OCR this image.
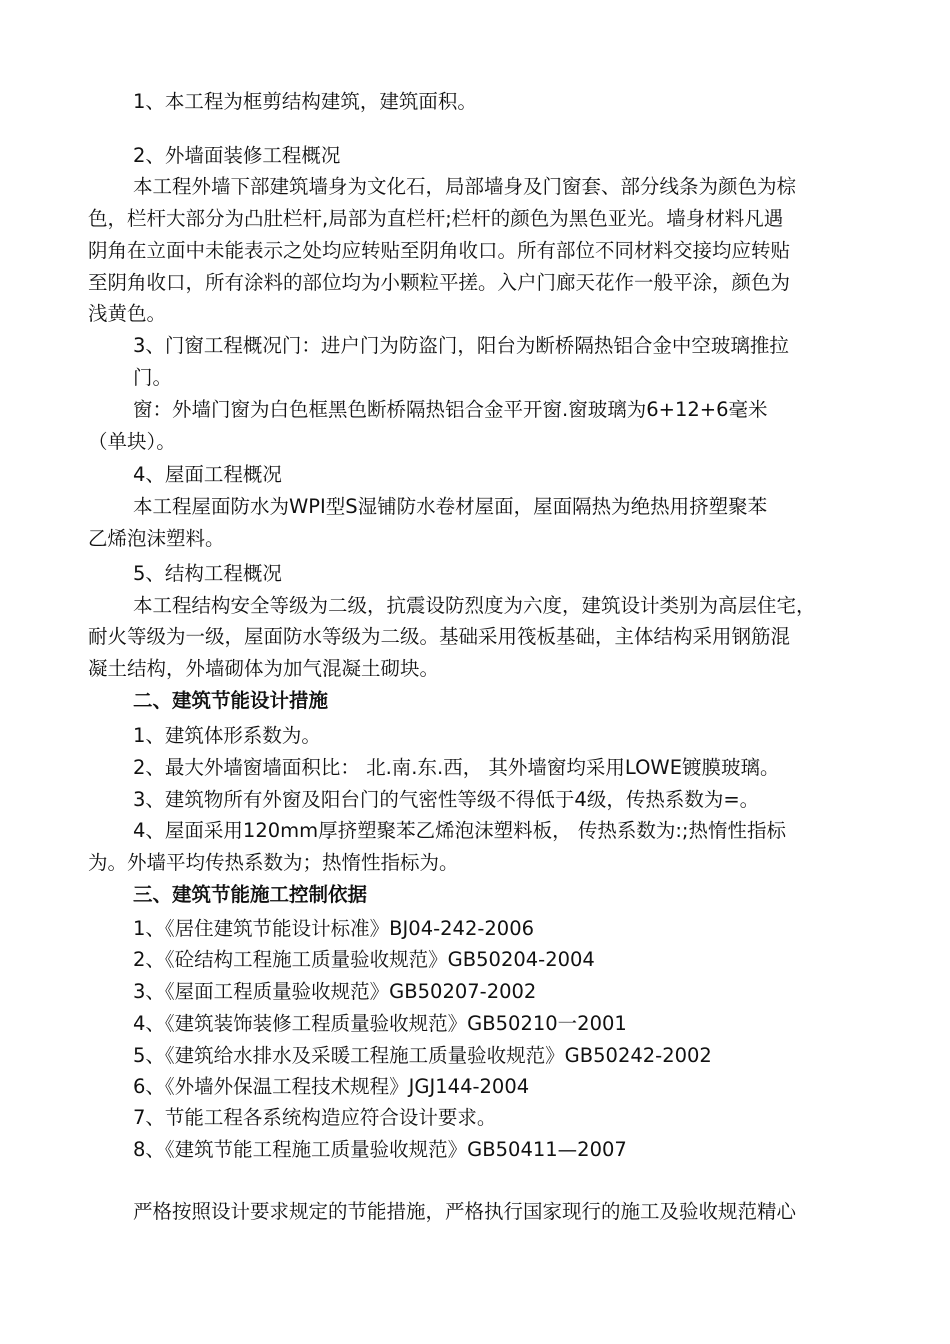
1、本工程为框剪结构建筑，建筑面积。
2、外墙面装修工程概况
本工程外墙下部建筑墙身为文化石，局部墙身及门窗套、部分线条为颜色为棕
色，栏杆大部分为凸肚栏杆,局部为直栏杆;栏杆的颜色为黑色亚光。墙身材料凡遇
阴角在立面中未能表示之处均应转贴至阴角收口。所有部位不同材料交接均应转贴
至阴角收口，所有涂料的部位均为小颗粒平搓。入户门廊天花作一般平涂，颜色为
浅黄色。
3、门窗工程概况门：进户门为防盗门，阳台为断桥隔热铝合金中空玻璃推拉
门。
窗：外墙门窗为白色框黑色断桥隔热铝合金平开窗.窗玻璃为6+12+6毫米
（单块）。
4、屋面工程概况
本工程屋面防水为WPI型S湿铺防水卷材屋面，屋面隔热为绝热用挤塑聚苯
乙烯泡沫塑料。
5、结构工程概况
本工程结构安全等级为二级，抗震设防烈度为六度，建筑设计类别为高层住宅，
耐火等级为一级，屋面防水等级为二级。基础采用筏板基础，主体结构采用钢筋混
凝土结构，外墙砌体为加气混凝土砌块。
二、建筑节能设计措施
1、建筑体形系数为。
2、最大外墙窗墙面积比： 北.南.东.西， 其外墙窗均采用LOWE镀膜玻璃。
3、建筑物所有外窗及阳台门的气密性等级不得低于4级，传热系数为=。
4、屋面采用120mm厚挤塑聚苯乙烯泡沫塑料板， 传热系数为:;热惰性指标
为。外墙平均传热系数为；热惰性指标为。
三、建筑节能施工控制依据
1、《居住建筑节能设计标准》BJ04-242-2006
2、《砼结构工程施工质量验收规范》GB50204-2004
3、《屋面工程质量验收规范》GB50207-2002
4、《建筑装饰装修工程质量验收规范》GB50210一2001
5、《建筑给水排水及采暖工程施工质量验收规范》GB50242-2002
6、《外墙外保温工程技术规程》JGJ144-2004
7、节能工程各系统构造应符合设计要求。
8、《建筑节能工程施工质量验收规范》GB50411—2007
严格按照设计要求规定的节能措施，严格执行国家现行的施工及验收规范精心
